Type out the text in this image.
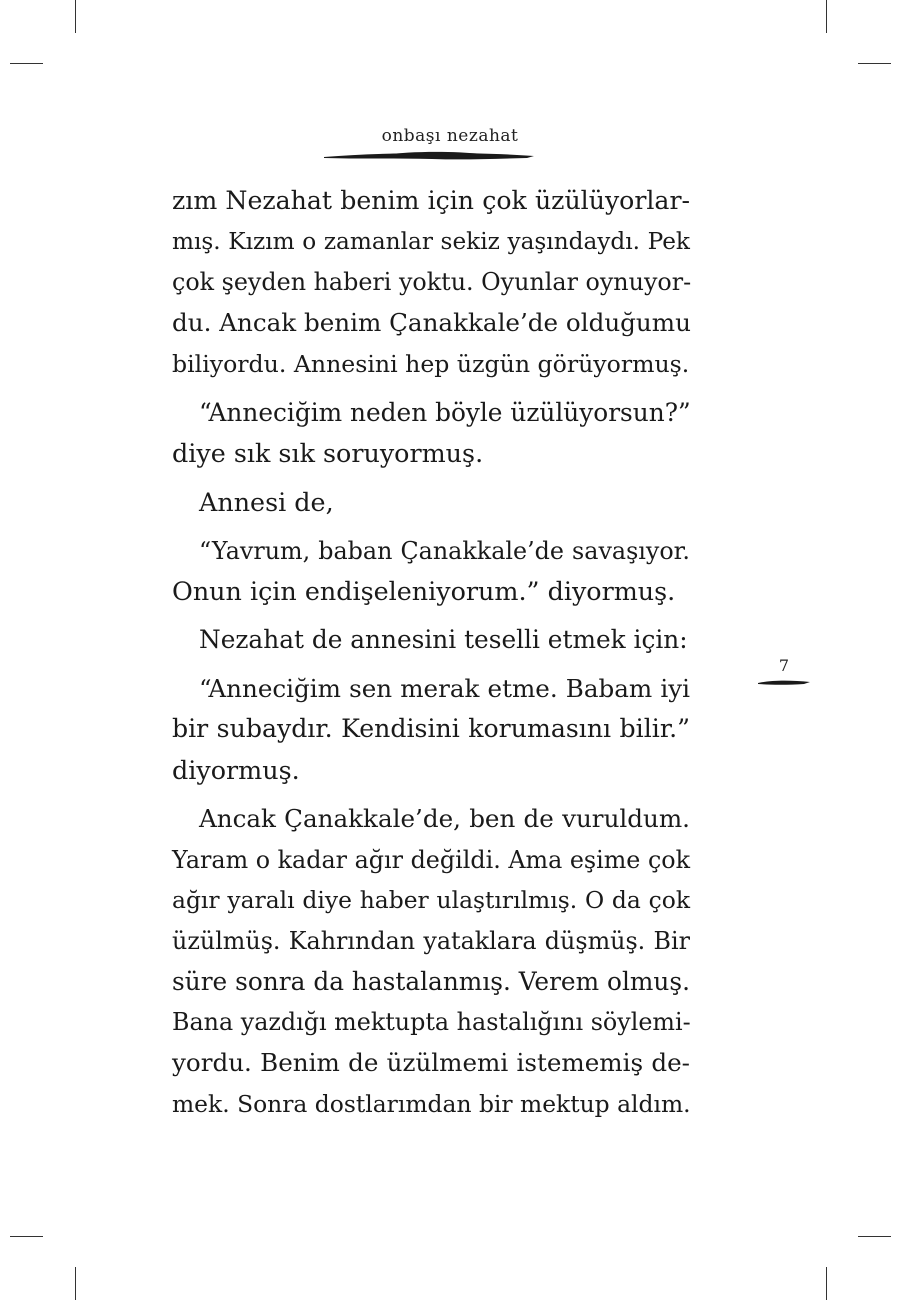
onbaşı nezahat
7

zım Nezahat benim için çok üzülüyorlar-
mış. Kızım o zamanlar sekiz yaşındaydı. Pek
çok şeyden haberi yoktu. Oyunlar oynuyor-
du. Ancak benim Çanakkale’de olduğumu
biliyordu. Annesini hep üzgün görüyormuş.

“Anneciğim neden böyle üzülüyorsun?”
diye sık sık soruyormuş.

Annesi de,

“Yavrum, baban Çanakkale’de savaşıyor.
Onun için endişeleniyorum.” diyormuş.

Nezahat de annesini teselli etmek için:

“Anneciğim sen merak etme. Babam iyi
bir subaydır. Kendisini korumasını bilir.”
diyormuş.

Ancak Çanakkale’de, ben de vuruldum.
Yaram o kadar ağır değildi. Ama eşime çok
ağır yaralı diye haber ulaştırılmış. O da çok
üzülmüş. Kahrından yataklara düşmüş. Bir
süre sonra da hastalanmış. Verem olmuş.
Bana yazdığı mektupta hastalığını söylemi-
yordu. Benim de üzülmemi istememiş de-
mek. Sonra dostlarımdan bir mektup aldım.
